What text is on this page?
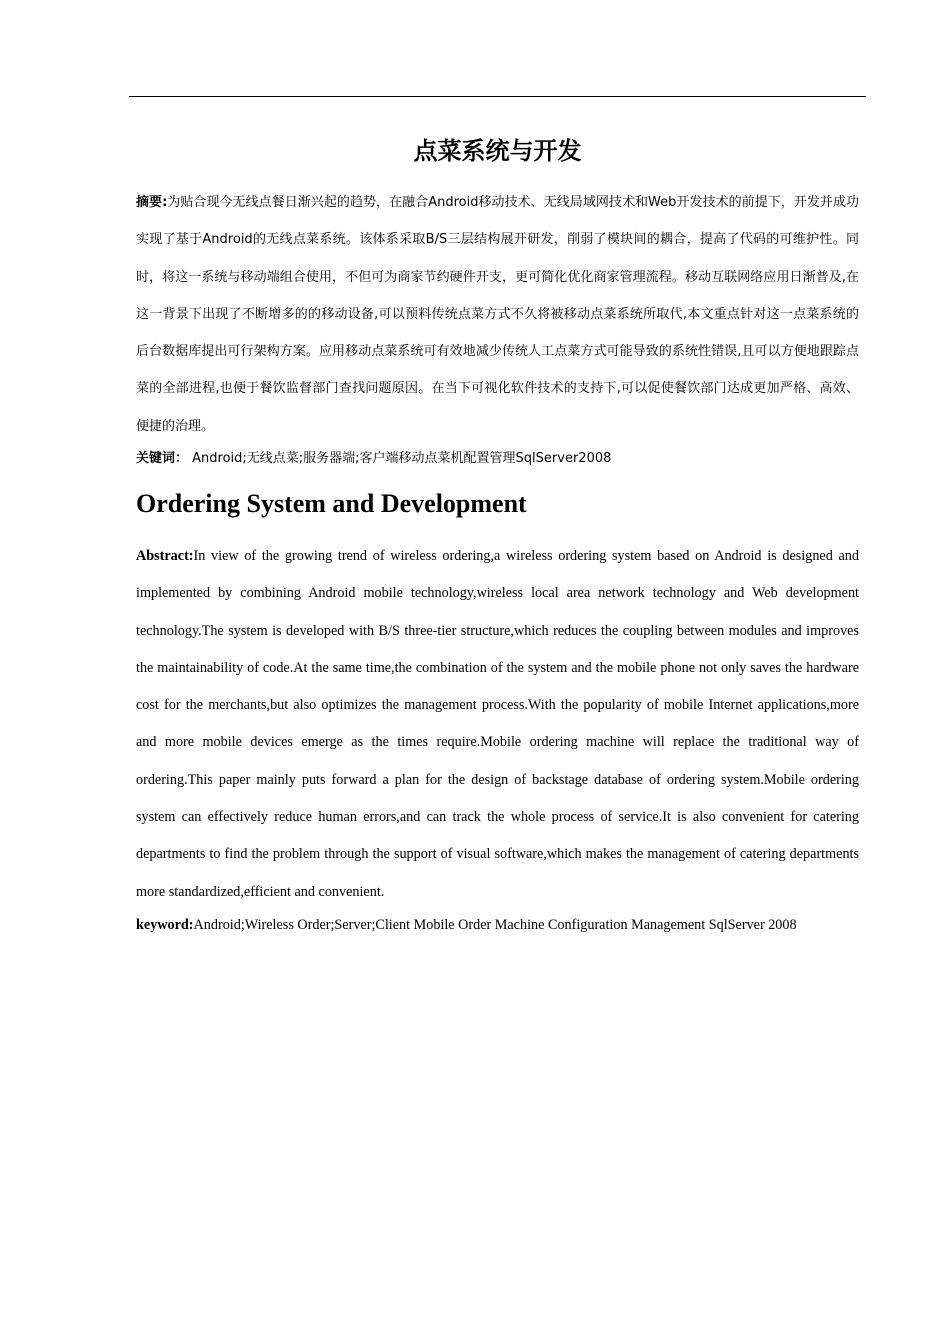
点菜系统与开发

摘要:为贴合现今无线点餐日渐兴起的趋势，在融合Android移动技术、无线局域网技术和Web开发技术的前提下，开发并成功实现了基于Android的无线点菜系统。该体系采取B/S三层结构展开研发，削弱了模块间的耦合，提高了代码的可维护性。同时，将这一系统与移动端组合使用，不但可为商家节约硬件开支，更可简化优化商家管理流程。移动互联网络应用日渐普及,在这一背景下出现了不断增多的的移动设备,可以预料传统点菜方式不久将被移动点菜系统所取代,本文重点针对这一点菜系统的后台数据库提出可行架构方案。应用移动点菜系统可有效地减少传统人工点菜方式可能导致的系统性错误,且可以方便地跟踪点菜的全部进程,也便于餐饮监督部门查找问题原因。在当下可视化软件技术的支持下,可以促使餐饮部门达成更加严格、高效、便捷的治理。

关键词： Android;无线点菜;服务器端;客户端移动点菜机配置管理SqlServer2008

Ordering System and Development

Abstract:In view of the growing trend of wireless ordering,a wireless ordering system based on Android is designed and implemented by combining Android mobile technology,wireless local area network technology and Web development technology.The system is developed with B/S three-tier structure,which reduces the coupling between modules and improves the maintainability of code.At the same time,the combination of the system and the mobile phone not only saves the hardware cost for the merchants,but also optimizes the management process.With the popularity of mobile Internet applications,more and more mobile devices emerge as the times require.Mobile ordering machine will replace the traditional way of ordering.This paper mainly puts forward a plan for the design of backstage database of ordering system.Mobile ordering system can effectively reduce human errors,and can track the whole process of service.It is also convenient for catering departments to find the problem through the support of visual software,which makes the management of catering departments more standardized,efficient and convenient.

keyword:Android;Wireless Order;Server;Client Mobile Order Machine Configuration Management SqlServer 2008
